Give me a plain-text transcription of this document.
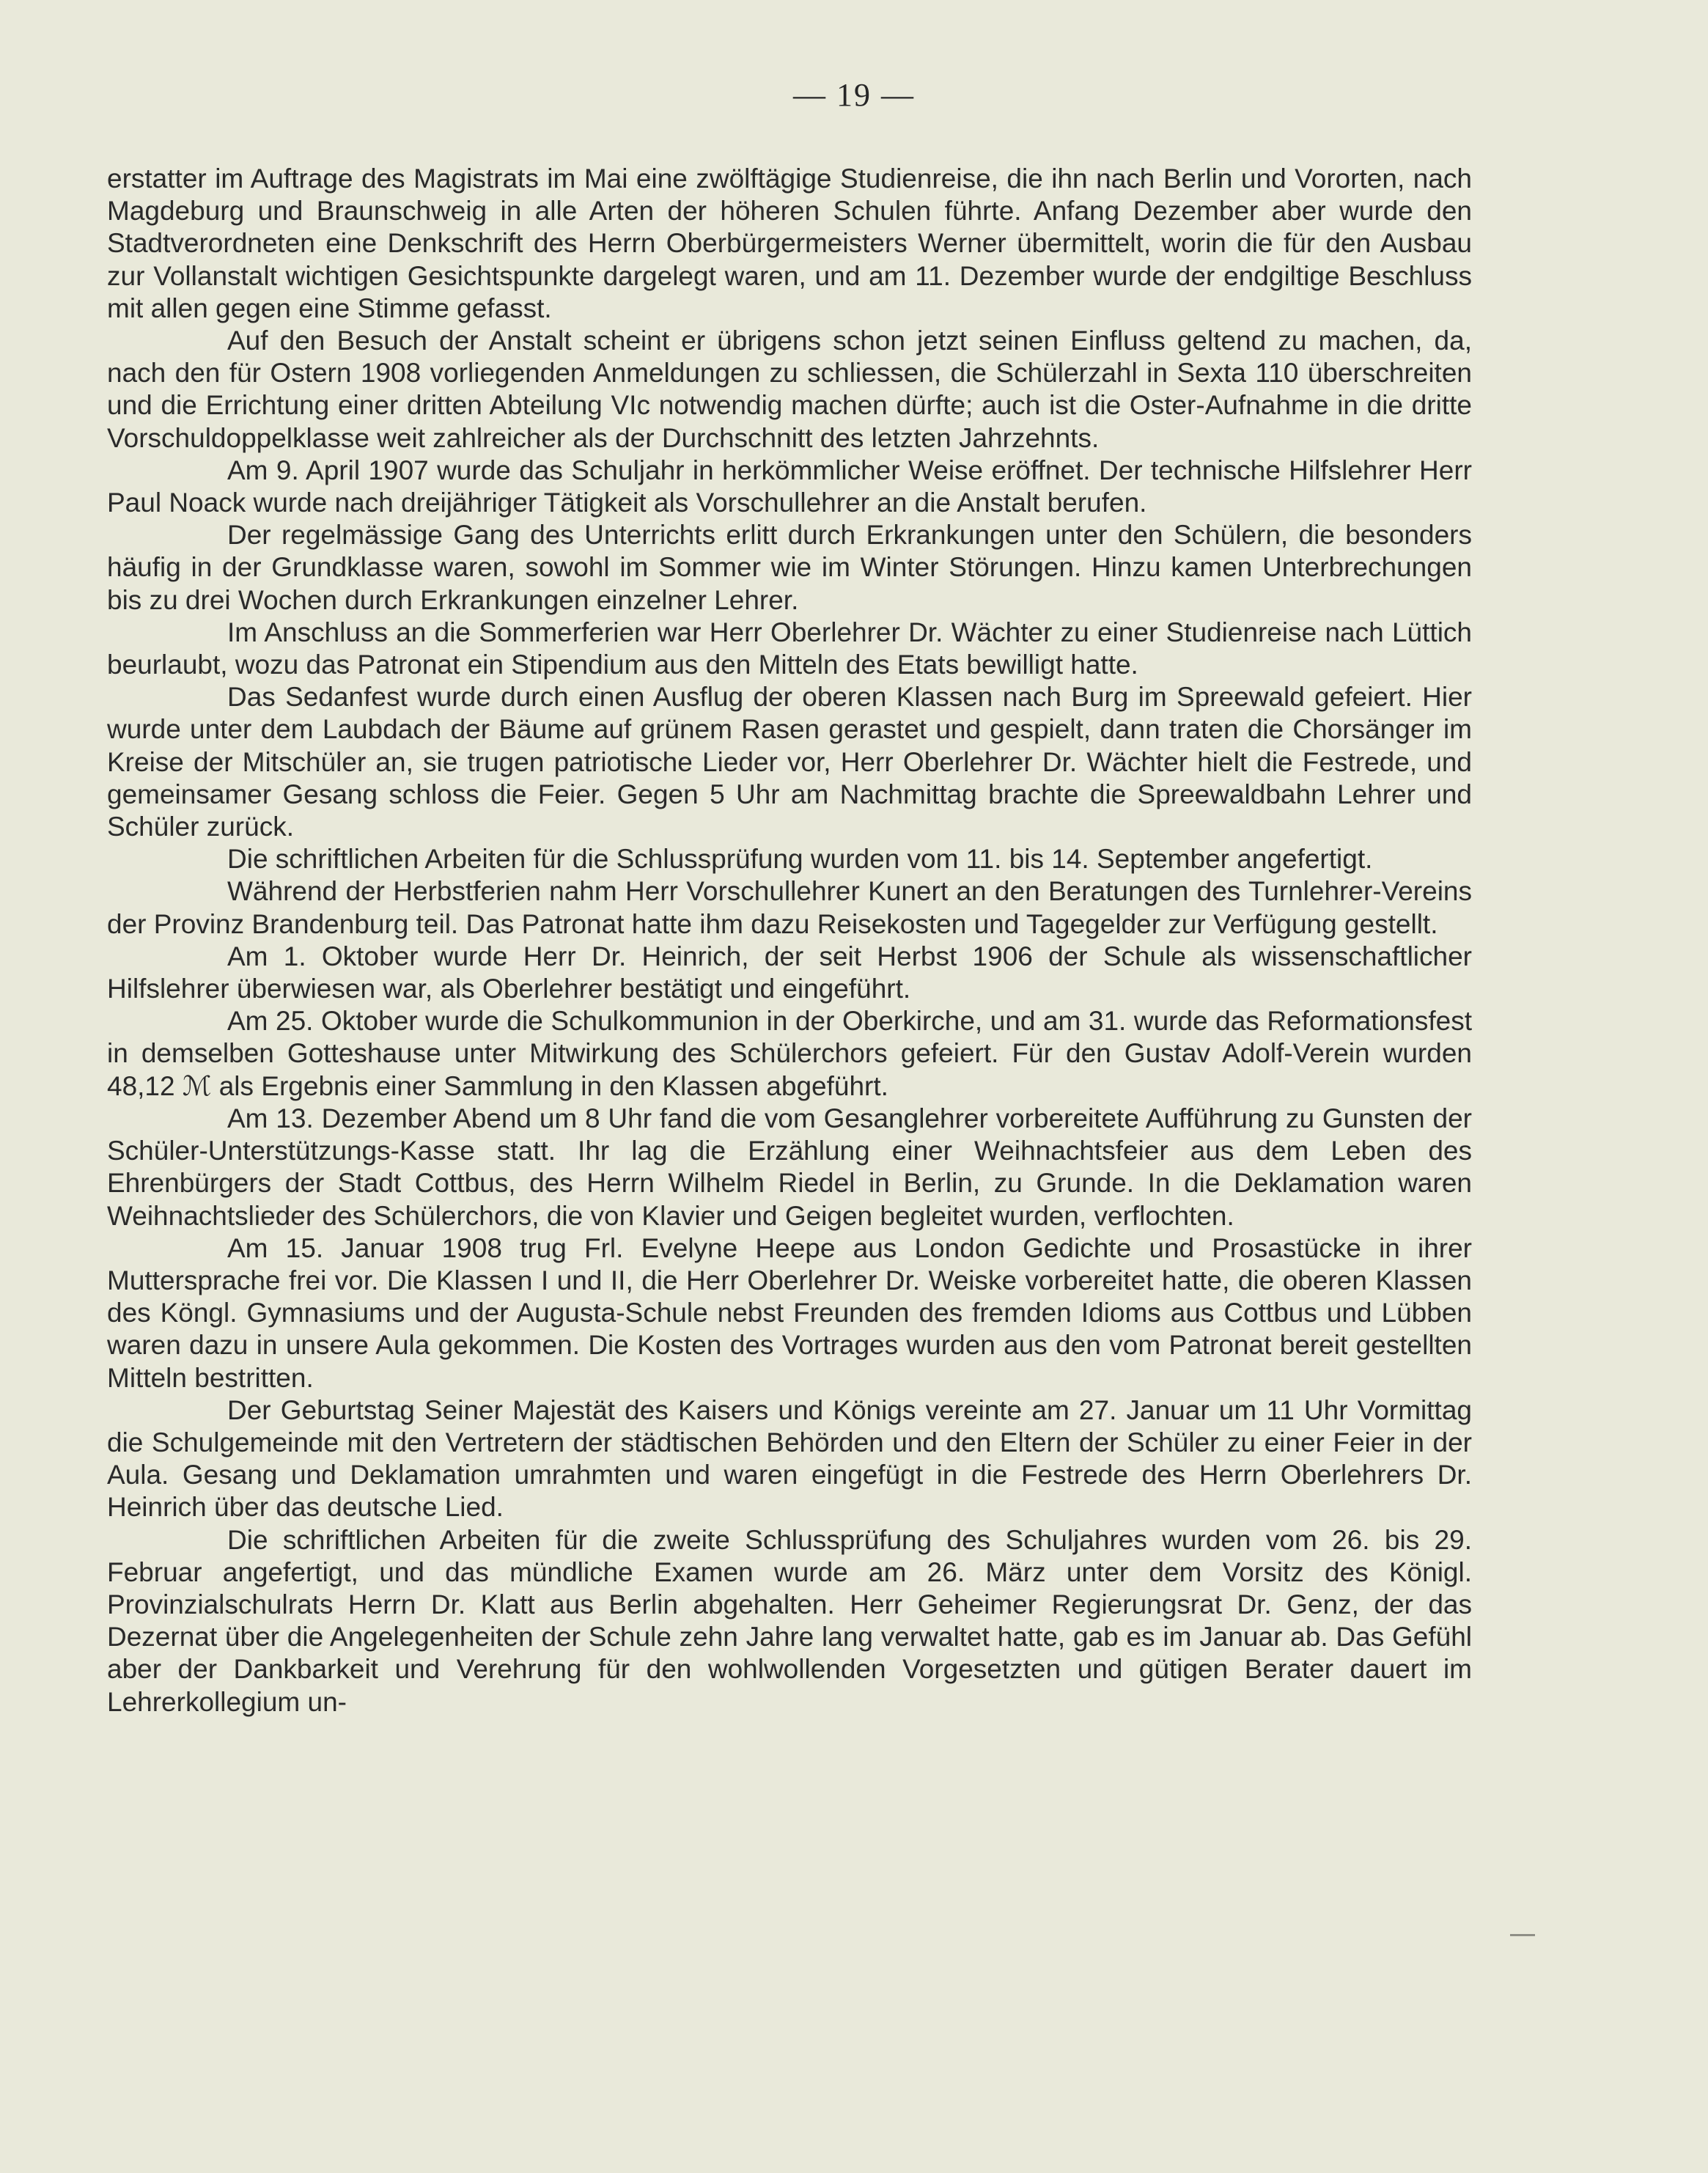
— 19 —

erstatter im Auftrage des Magistrats im Mai eine zwölftägige Studienreise, die ihn nach Berlin und Vororten, nach Magdeburg und Braunschweig in alle Arten der höheren Schulen führte. Anfang Dezember aber wurde den Stadtverordneten eine Denkschrift des Herrn Oberbürgermeisters Werner übermittelt, worin die für den Ausbau zur Vollanstalt wichtigen Gesichtspunkte dargelegt waren, und am 11. Dezember wurde der endgiltige Beschluss mit allen gegen eine Stimme gefasst.

Auf den Besuch der Anstalt scheint er übrigens schon jetzt seinen Einfluss geltend zu machen, da, nach den für Ostern 1908 vorliegenden Anmeldungen zu schliessen, die Schülerzahl in Sexta 110 überschreiten und die Errichtung einer dritten Abteilung VIc notwendig machen dürfte; auch ist die Oster-Aufnahme in die dritte Vorschuldoppelklasse weit zahlreicher als der Durchschnitt des letzten Jahrzehnts.

Am 9. April 1907 wurde das Schuljahr in herkömmlicher Weise eröffnet. Der technische Hilfslehrer Herr Paul Noack wurde nach dreijähriger Tätigkeit als Vorschullehrer an die Anstalt berufen.

Der regelmässige Gang des Unterrichts erlitt durch Erkrankungen unter den Schülern, die besonders häufig in der Grundklasse waren, sowohl im Sommer wie im Winter Störungen. Hinzu kamen Unterbrechungen bis zu drei Wochen durch Erkrankungen einzelner Lehrer.

Im Anschluss an die Sommerferien war Herr Oberlehrer Dr. Wächter zu einer Studienreise nach Lüttich beurlaubt, wozu das Patronat ein Stipendium aus den Mitteln des Etats bewilligt hatte.

Das Sedanfest wurde durch einen Ausflug der oberen Klassen nach Burg im Spreewald gefeiert. Hier wurde unter dem Laubdach der Bäume auf grünem Rasen gerastet und gespielt, dann traten die Chorsänger im Kreise der Mitschüler an, sie trugen patriotische Lieder vor, Herr Oberlehrer Dr. Wächter hielt die Festrede, und gemeinsamer Gesang schloss die Feier. Gegen 5 Uhr am Nachmittag brachte die Spreewaldbahn Lehrer und Schüler zurück.

Die schriftlichen Arbeiten für die Schlussprüfung wurden vom 11. bis 14. September angefertigt.

Während der Herbstferien nahm Herr Vorschullehrer Kunert an den Beratungen des Turnlehrer-Vereins der Provinz Brandenburg teil. Das Patronat hatte ihm dazu Reisekosten und Tagegelder zur Verfügung gestellt.

Am 1. Oktober wurde Herr Dr. Heinrich, der seit Herbst 1906 der Schule als wissenschaftlicher Hilfslehrer überwiesen war, als Oberlehrer bestätigt und eingeführt.

Am 25. Oktober wurde die Schulkommunion in der Oberkirche, und am 31. wurde das Reformationsfest in demselben Gotteshause unter Mitwirkung des Schülerchors gefeiert. Für den Gustav Adolf-Verein wurden 48,12 ℳ als Ergebnis einer Sammlung in den Klassen abgeführt.

Am 13. Dezember Abend um 8 Uhr fand die vom Gesanglehrer vorbereitete Aufführung zu Gunsten der Schüler-Unterstützungs-Kasse statt. Ihr lag die Erzählung einer Weihnachtsfeier aus dem Leben des Ehrenbürgers der Stadt Cottbus, des Herrn Wilhelm Riedel in Berlin, zu Grunde. In die Deklamation waren Weihnachtslieder des Schülerchors, die von Klavier und Geigen begleitet wurden, verflochten.

Am 15. Januar 1908 trug Frl. Evelyne Heepe aus London Gedichte und Prosastücke in ihrer Muttersprache frei vor. Die Klassen I und II, die Herr Oberlehrer Dr. Weiske vorbereitet hatte, die oberen Klassen des Köngl. Gymnasiums und der Augusta-Schule nebst Freunden des fremden Idioms aus Cottbus und Lübben waren dazu in unsere Aula gekommen. Die Kosten des Vortrages wurden aus den vom Patronat bereit gestellten Mitteln bestritten.

Der Geburtstag Seiner Majestät des Kaisers und Königs vereinte am 27. Januar um 11 Uhr Vormittag die Schulgemeinde mit den Vertretern der städtischen Behörden und den Eltern der Schüler zu einer Feier in der Aula. Gesang und Deklamation umrahmten und waren eingefügt in die Festrede des Herrn Oberlehrers Dr. Heinrich über das deutsche Lied.

Die schriftlichen Arbeiten für die zweite Schlussprüfung des Schuljahres wurden vom 26. bis 29. Februar angefertigt, und das mündliche Examen wurde am 26. März unter dem Vorsitz des Königl. Provinzialschulrats Herrn Dr. Klatt aus Berlin abgehalten. Herr Geheimer Regierungsrat Dr. Genz, der das Dezernat über die Angelegenheiten der Schule zehn Jahre lang verwaltet hatte, gab es im Januar ab. Das Gefühl aber der Dankbarkeit und Verehrung für den wohlwollenden Vorgesetzten und gütigen Berater dauert im Lehrerkollegium un-
